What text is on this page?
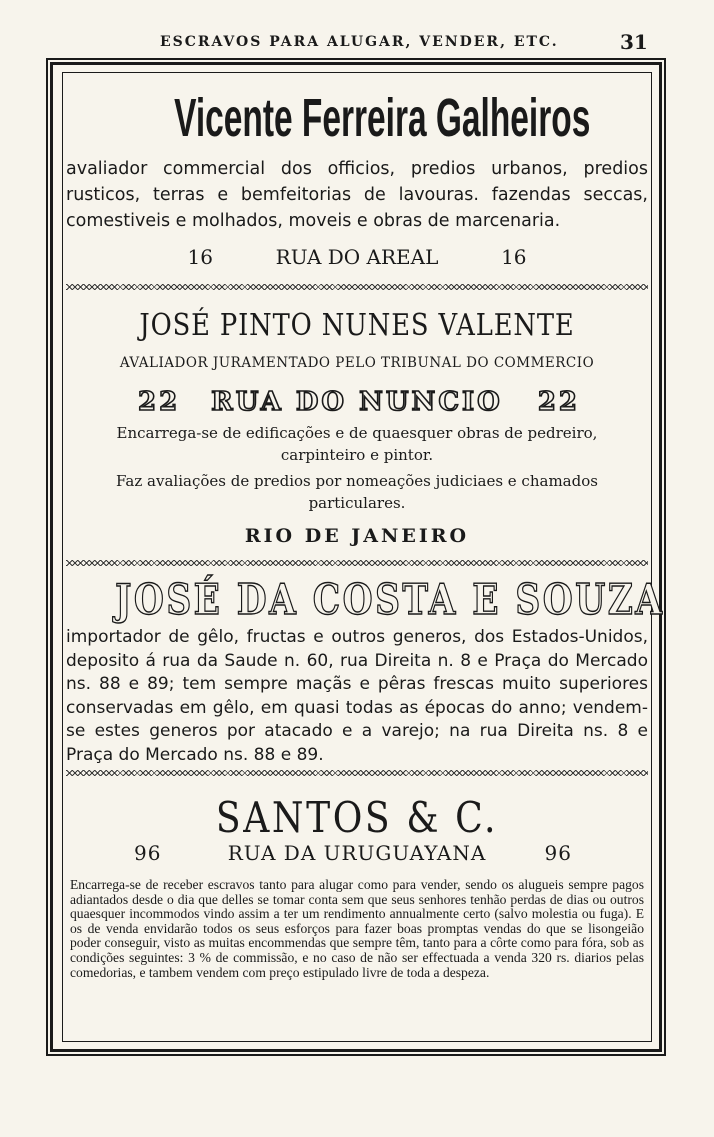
ESCRAVOS PARA ALUGAR, VENDER, ETC.	31
Vicente Ferreira Galheiros
avaliador commercial dos officios, predios urbanos, predios rusticos, terras e bemfeitorias de lavouras. fazendas seccas, comestiveis e molhados, moveis e obras de marcenaria.
16	RUA DO AREAL	16
JOSÉ PINTO NUNES VALENTE
AVALIADOR JURAMENTADO PELO TRIBUNAL DO COMMERCIO
22	RUA DO NUNCIO	22
Encarrega-se de edificações e de quaesquer obras de pedreiro, carpinteiro e pintor.
Faz avaliações de predios por nomeações judiciaes e chamados particulares.
RIO DE JANEIRO
JOSÉ DA COSTA E SOUZA
importador de gêlo, fructas e outros generos, dos Estados-Unidos, deposito á rua da Saude n. 60, rua Direita n. 8 e Praça do Mercado ns. 88 e 89; tem sempre maçãs e pêras frescas muito superiores conservadas em gêlo, em quasi todas as épocas do anno; vendem-se estes generos por atacado e a varejo; na rua Direita ns. 8 e Praça do Mercado ns. 88 e 89.
SANTOS & C.
96	RUA DA URUGUAYANA	96
Encarrega-se de receber escravos tanto para alugar como para vender, sendo os alugueis sempre pagos adiantados desde o dia que delles se tomar conta sem que seus senhores tenhão perdas de dias ou outros quaesquer incommodos vindo assim a ter um rendimento annualmente certo (salvo molestia ou fuga). E os de venda envidarão todos os seus esforços para fazer boas promptas vendas do que se lisongeião poder conseguir, visto as muitas encommendas que sempre têm, tanto para a côrte como para fóra, sob as condições seguintes: 3 % de commissão, e no caso de não ser effectuada a venda 320 rs. diarios pelas comedorias, e tambem vendem com preço estipulado livre de toda a despeza.
